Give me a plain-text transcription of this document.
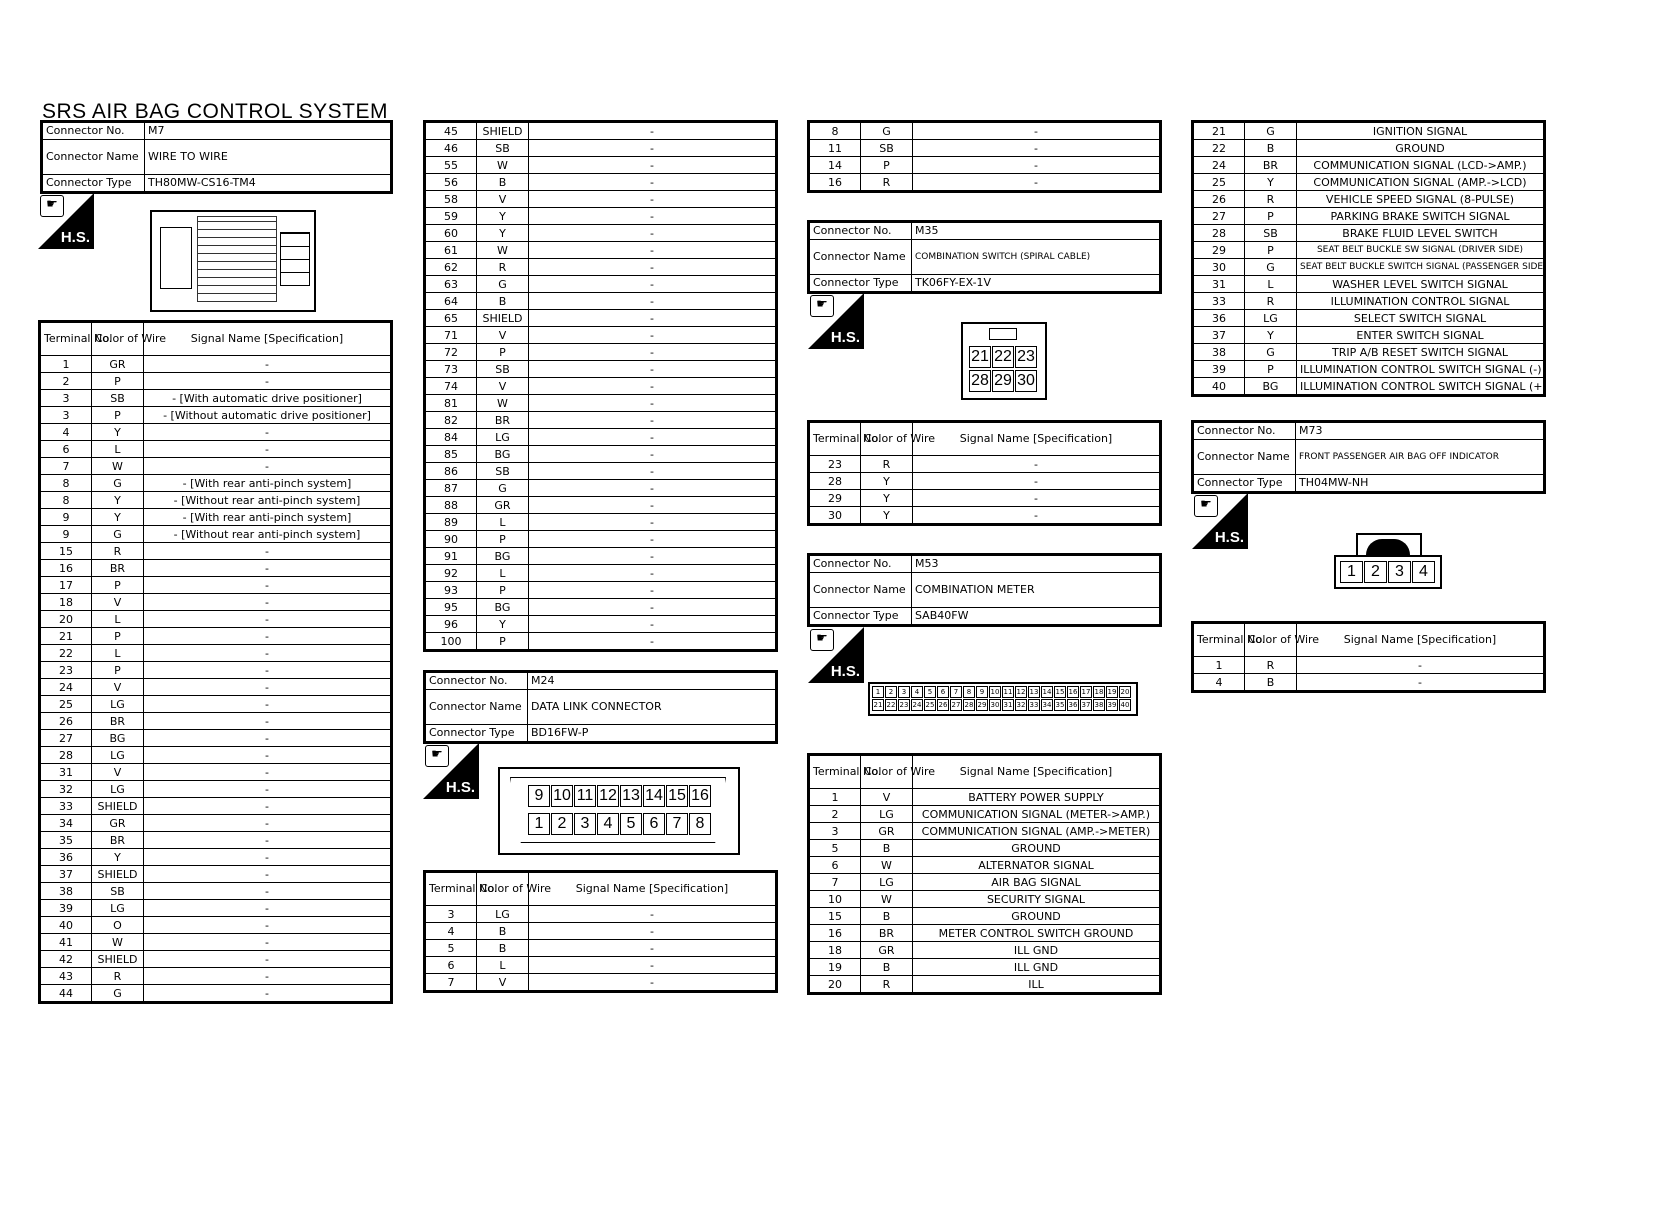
SRS AIR BAG CONTROL SYSTEM
Connector No.	M7
Connector Name	WIRE TO WIRE
Connector Type	TH80MW-CS16-TM4
☛
H.S.
Terminal No.	Color of Wire	Signal Name [Specification]
1	GR	-
2	P	-
3	SB	- [With automatic drive positioner]
3	P	- [Without automatic drive positioner]
4	Y	-
6	L	-
7	W	-
8	G	- [With rear anti-pinch system]
8	Y	- [Without rear anti-pinch system]
9	Y	- [With rear anti-pinch system]
9	G	- [Without rear anti-pinch system]
15	R	-
16	BR	-
17	P	-
18	V	-
20	L	-
21	P	-
22	L	-
23	P	-
24	V	-
25	LG	-
26	BR	-
27	BG	-
28	LG	-
31	V	-
32	LG	-
33	SHIELD	-
34	GR	-
35	BR	-
36	Y	-
37	SHIELD	-
38	SB	-
39	LG	-
40	O	-
41	W	-
42	SHIELD	-
43	R	-
44	G	-
45	SHIELD	-
46	SB	-
55	W	-
56	B	-
58	V	-
59	Y	-
60	Y	-
61	W	-
62	R	-
63	G	-
64	B	-
65	SHIELD	-
71	V	-
72	P	-
73	SB	-
74	V	-
81	W	-
82	BR	-
84	LG	-
85	BG	-
86	SB	-
87	G	-
88	GR	-
89	L	-
90	P	-
91	BG	-
92	L	-
93	P	-
95	BG	-
96	Y	-
100	P	-
Connector No.	M24
Connector Name	DATA LINK CONNECTOR
Connector Type	BD16FW-P
☛
H.S.	9 10 11 12 13 14 15 16
1 2 3 4 5 6 7 8
Terminal No.	Color of Wire	Signal Name [Specification]
3	LG	-
4	B	-
5	B	-
6	L	-
7	V	-
8	G	-
11	SB	-
14	P	-
16	R	-
Connector No.	M35
Connector Name	COMBINATION SWITCH (SPIRAL CABLE)
Connector Type	TK06FY-EX-1V
☛
H.S.
21 22 23
28 29 30
Terminal No.	Color of Wire	Signal Name [Specification]
23	R	-
28	Y	-
29	Y	-
30	Y	-
Connector No.	M53
Connector Name	COMBINATION METER
Connector Type	SAB40FW
☛
H.S.
1	2	3	4	5	6	7	8	9 10 11 12 13 14 15 16 17 18 19 20
21 22 23 24 25 26 27 28 29 30 31 32 33 34 35 36 37 38 39 40
Terminal No.	Color of Wire	Signal Name [Specification]
1	V	BATTERY POWER SUPPLY
2	LG	COMMUNICATION SIGNAL (METER->AMP.)
3	GR	COMMUNICATION SIGNAL (AMP.->METER)
5	B	GROUND
6	W	ALTERNATOR SIGNAL
7	LG	AIR BAG SIGNAL
10	W	SECURITY SIGNAL
15	B	GROUND
16	BR	METER CONTROL SWITCH GROUND
18	GR	ILL GND
19	B	ILL GND
20	R	ILL
21	G	IGNITION SIGNAL
22	B	GROUND
24	BR	COMMUNICATION SIGNAL (LCD->AMP.)
25	Y	COMMUNICATION SIGNAL (AMP.->LCD)
26	R	VEHICLE SPEED SIGNAL (8-PULSE)
27	P	PARKING BRAKE SWITCH SIGNAL
28	SB	BRAKE FLUID LEVEL SWITCH
29	P	SEAT BELT BUCKLE SW SIGNAL (DRIVER SIDE)
30	G	SEAT BELT BUCKLE SWITCH SIGNAL (PASSENGER SIDE)
31	L	WASHER LEVEL SWITCH SIGNAL
33	R	ILLUMINATION CONTROL SIGNAL
36	LG	SELECT SWITCH SIGNAL
37	Y	ENTER SWITCH SIGNAL
38	G	TRIP A/B RESET SWITCH SIGNAL
39	P	ILLUMINATION CONTROL SWITCH SIGNAL (-)
40	BG	ILLUMINATION CONTROL SWITCH SIGNAL (+)
Connector No.	M73
Connector Name	FRONT PASSENGER AIR BAG OFF INDICATOR
Connector Type	TH04MW-NH
☛
H.S.
1 2 3 4
Terminal No.	Color of Wire	Signal Name [Specification]
1	R	-
4	B	-
